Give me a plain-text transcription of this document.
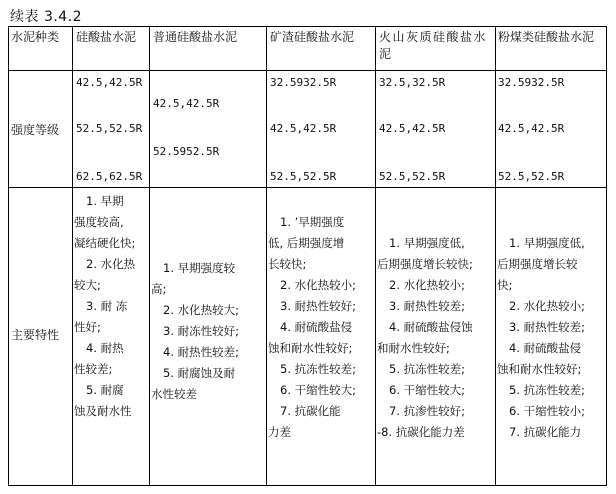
续表 3.4.2
水泥种类 硅酸盐水泥 普通硅酸盐水泥	矿渣硅酸盐水泥 火山灰质硅酸盐水泥
粉煤类硅酸盐水泥
强度等级
42.5,42.5R
52.5,52.5R
62.5,62.5R
42.5,42.5R
52.5952.5R
32.5932.5R
42.5,42.5R
52.5,52.5R
32.5,32.5R
42.5,42.5R
52.5,52.5R
32.5932.5R
42.5,42.5R
52.5,52.5R
主要特性
1. 早期
强度较高,
凝结硬化快;
2. 水化热
较大;
3. 耐 冻
性好;
4. 耐热
性较差;
5. 耐腐
蚀及耐水性
1. 早期强度较
高;
2. 水化热较大;
3. 耐冻性较好;
4. 耐热性较差;
5. 耐腐蚀及耐
水性较差
1. ’早期强度
低, 后期强度增
长较快;
2. 水化热较小;
3. 耐热性较好;
4. 耐硫酸盐侵
蚀和耐水性较好;
5. 抗冻性较差;
6. 干缩性较大;
7. 抗碳化能
力差
1. 早期强度低,
后期强度增长较快;
2. 水化热较小;
3. 耐热性较差;
4. 耐硫酸盐侵蚀
和耐水性较好;
5. 抗冻性较差;
6. 干缩性较大;
7. 抗渗性较好;
-8. 抗碳化能力差
1. 早期强度低,
后期强度增长较
快;
2. 水化热较小;
3. 耐热性较差;
4. 耐硫酸盐侵
蚀和耐水性较好;
5. 抗冻性较差;
6. 干缩性较小;
7. 抗碳化能力
